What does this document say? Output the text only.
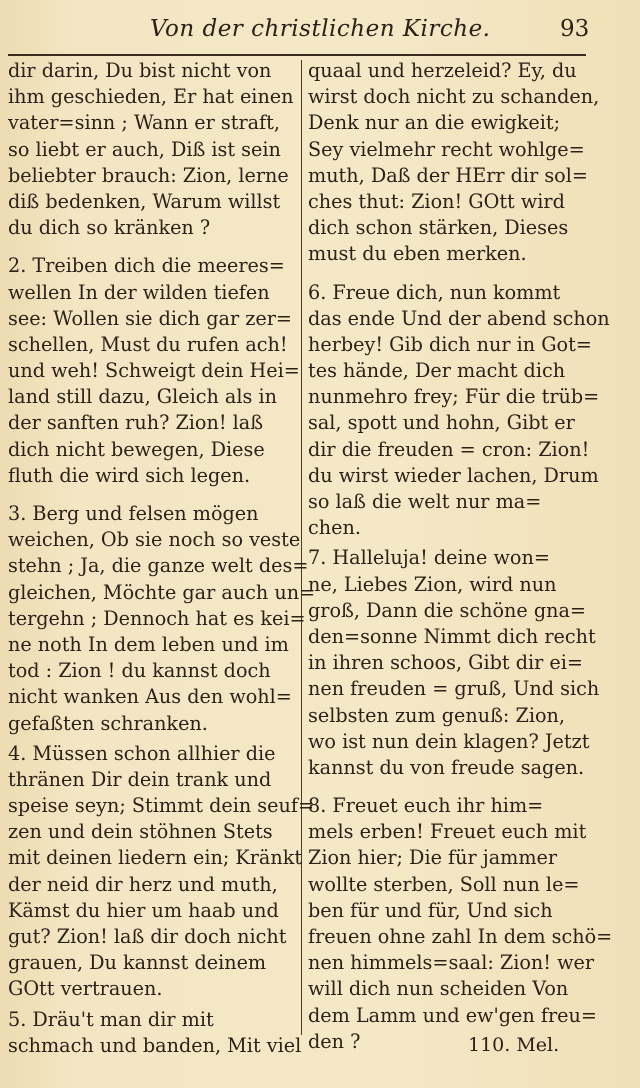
Von der christlichen Kirche.	93
dir darin, Du bist nicht von
ihm geschieden, Er hat einen
vater=sinn ; Wann er straft,
so liebt er auch, Diß ist sein
beliebter brauch: Zion, lerne
diß bedenken, Warum willst
du dich so kränken ?
2. Treiben dich die meeres=
wellen In der wilden tiefen
see: Wollen sie dich gar zer=
schellen, Must du rufen ach!
und weh! Schweigt dein Hei=
land still dazu, Gleich als in
der sanften ruh? Zion! laß
dich nicht bewegen, Diese
fluth die wird sich legen.
3. Berg und felsen mögen
weichen, Ob sie noch so veste
stehn ; Ja, die ganze welt des=
gleichen, Möchte gar auch un=
tergehn ; Dennoch hat es kei=
ne noth In dem leben und im
tod : Zion ! du kannst doch
nicht wanken Aus den wohl=
gefaßten schranken.
4. Müssen schon allhier die
thränen Dir dein trank und
speise seyn; Stimmt dein seuf=
zen und dein stöhnen Stets
mit deinen liedern ein; Kränkt
der neid dir herz und muth,
Kämst du hier um haab und
gut? Zion! laß dir doch nicht
grauen, Du kannst deinem
GOtt vertrauen.
5. Dräu't man dir mit
schmach und banden, Mit viel
quaal und herzeleid? Ey, du
wirst doch nicht zu schanden,
Denk nur an die ewigkeit;
Sey vielmehr recht wohlge=
muth, Daß der HErr dir sol=
ches thut: Zion! GOtt wird
dich schon stärken, Dieses
must du eben merken.
6. Freue dich, nun kommt
das ende Und der abend schon
herbey! Gib dich nur in Got=
tes hände, Der macht dich
nunmehro frey; Für die trüb=
sal, spott und hohn, Gibt er
dir die freuden = cron: Zion!
du wirst wieder lachen, Drum
so laß die welt nur ma=
chen.
7. Halleluja! deine won=
ne, Liebes Zion, wird nun
groß, Dann die schöne gna=
den=sonne Nimmt dich recht
in ihren schoos, Gibt dir ei=
nen freuden = gruß, Und sich
selbsten zum genuß: Zion,
wo ist nun dein klagen? Jetzt
kannst du von freude sagen.
8. Freuet euch ihr him=
mels erben! Freuet euch mit
Zion hier; Die für jammer
wollte sterben, Soll nun le=
ben für und für, Und sich
freuen ohne zahl In dem schö=
nen himmels=saal: Zion! wer
will dich nun scheiden Von
dem Lamm und ew'gen freu=
den ?	110. Mel.
